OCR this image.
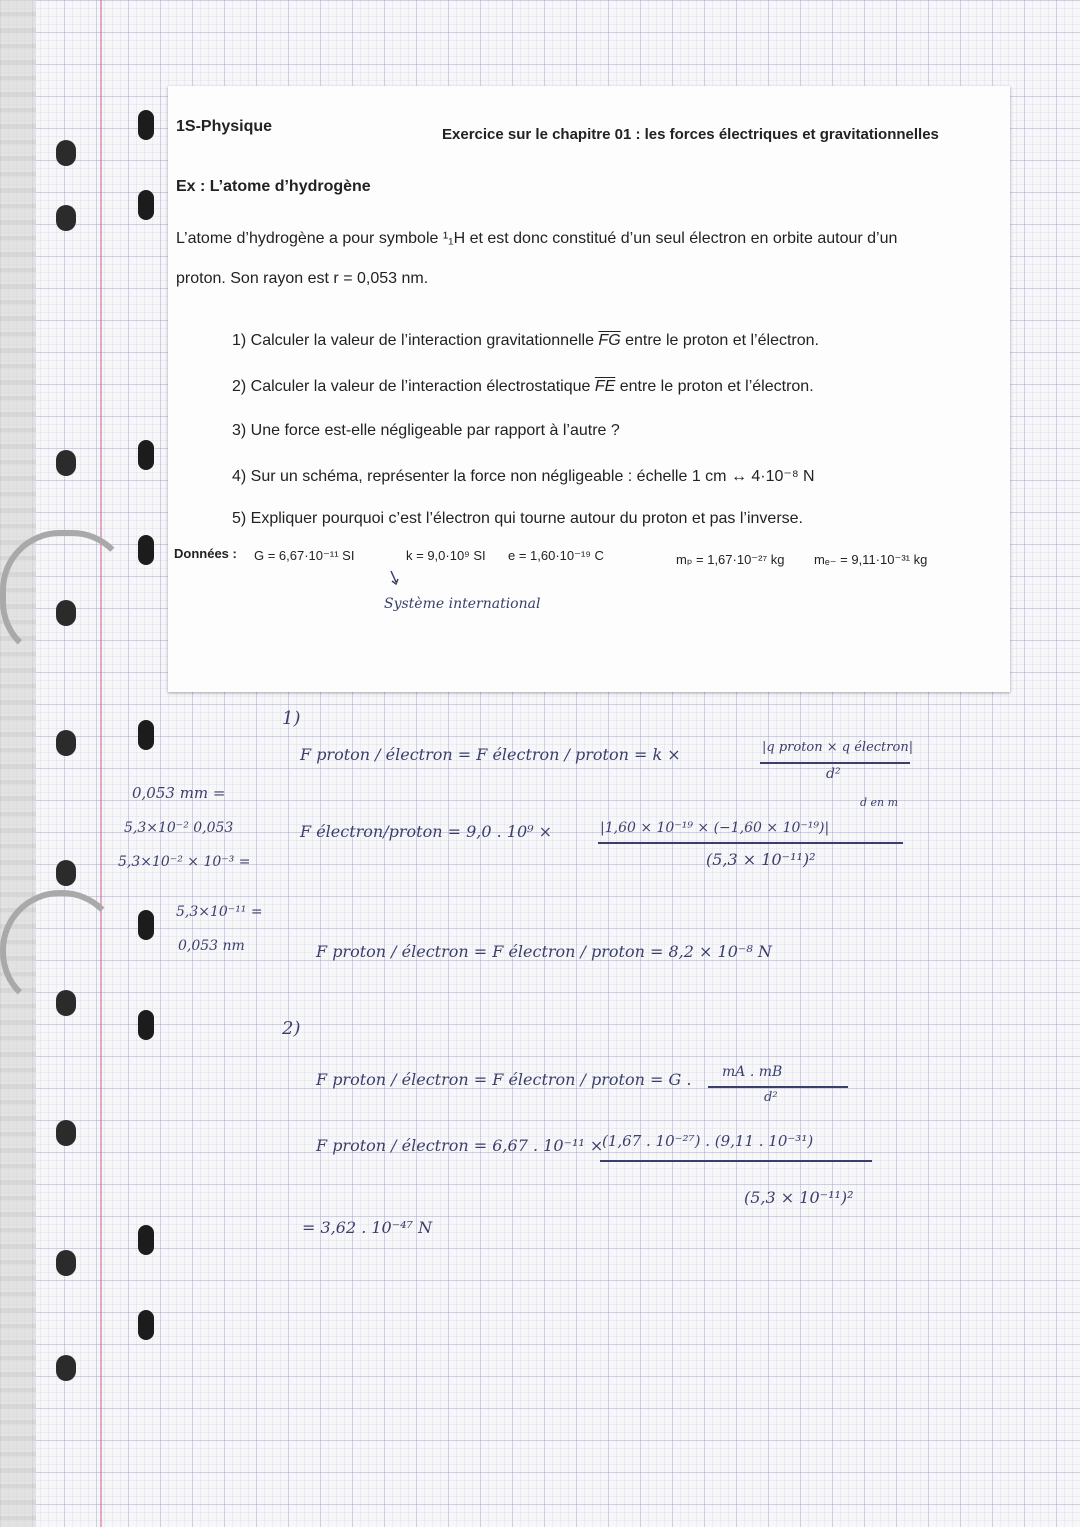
1S-Physique	Exercice sur le chapitre 01 : les forces électriques et gravitationnelles
Ex : L’atome d’hydrogène
L’atome d’hydrogène a pour symbole ¹₁H et est donc constitué d’un seul électron en orbite autour d’un
proton. Son rayon est r = 0,053 nm.
1) Calculer la valeur de l’interaction gravitationnelle $\overline{FG}$ entre le proton et l’électron.
2) Calculer la valeur de l’interaction électrostatique $\overline{FE}$ entre le proton et l’électron.
3) Une force est-elle négligeable par rapport à l’autre ?
4) Sur un schéma, représenter la force non négligeable : échelle 1 cm ↔ 4·10⁻⁸ N
5) Expliquer pourquoi c’est l’électron qui tourne autour du proton et pas l’inverse.
Données : G = 6,67·10⁻¹¹ SI	k = 9,0·10⁹ SI e = 1,60·10⁻¹⁹ C	mₚ = 1,67·10⁻²⁷ kg mₑ₋ = 9,11·10⁻³¹ kg
Système international
1)
F proton / électron = F électron / proton = k ×	|q proton × q électron|
d²
d en m
F électron/proton = 9,0 . 10⁹ ×	|1,60 × 10⁻¹⁹ × (−1,60 × 10⁻¹⁹)|
(5,3 × 10⁻¹¹)²
0,053 mm =
5,3×10⁻² 0,053
5,3×10⁻² × 10⁻³ =
5,3×10⁻¹¹ =
0,053 nm	F proton / électron = F électron / proton = 8,2 × 10⁻⁸ N
2)
F proton / électron = F électron / proton = G . mA . mB
d²
F proton / électron = 6,67 . 10⁻¹¹ ×
(1,67 . 10⁻²⁷) . (9,11 . 10⁻³¹)
(5,3 × 10⁻¹¹)²
= 3,62 . 10⁻⁴⁷ N
